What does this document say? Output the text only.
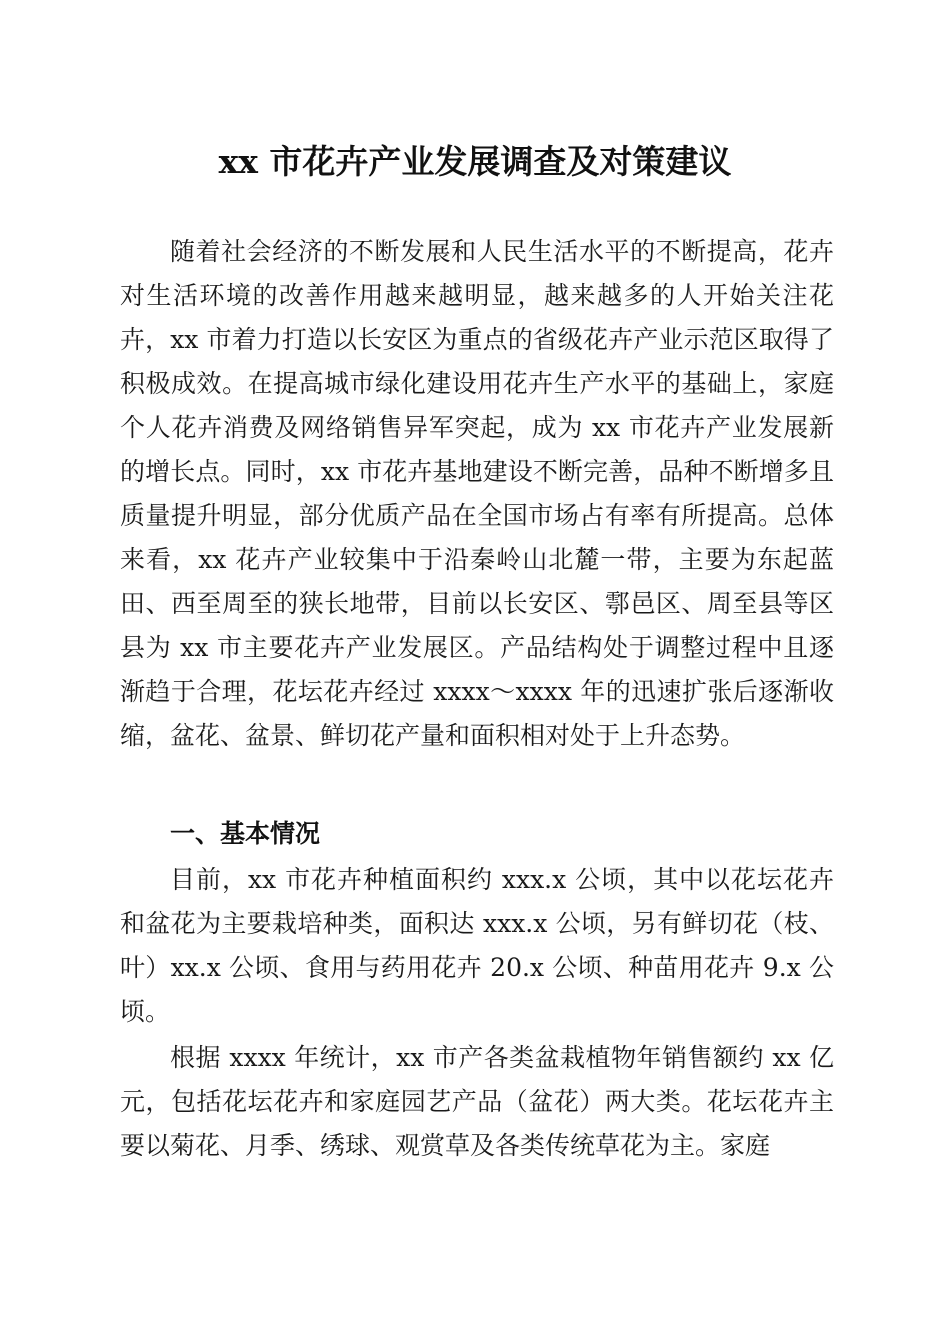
xx 市花卉产业发展调查及对策建议

随着社会经济的不断发展和人民生活水平的不断提高，花卉对生活环境的改善作用越来越明显，越来越多的人开始关注花卉，xx 市着力打造以长安区为重点的省级花卉产业示范区取得了积极成效。在提高城市绿化建设用花卉生产水平的基础上，家庭个人花卉消费及网络销售异军突起，成为 xx 市花卉产业发展新的增长点。同时，xx 市花卉基地建设不断完善，品种不断增多且质量提升明显，部分优质产品在全国市场占有率有所提高。总体来看，xx 花卉产业较集中于沿秦岭山北麓一带，主要为东起蓝田、西至周至的狭长地带，目前以长安区、鄠邑区、周至县等区县为 xx 市主要花卉产业发展区。产品结构处于调整过程中且逐渐趋于合理，花坛花卉经过 xxxx～xxxx 年的迅速扩张后逐渐收缩，盆花、盆景、鲜切花产量和面积相对处于上升态势。

一、基本情况

目前，xx 市花卉种植面积约 xxx.x 公顷，其中以花坛花卉和盆花为主要栽培种类，面积达 xxx.x 公顷，另有鲜切花（枝、叶）xx.x 公顷、食用与药用花卉 20.x 公顷、种苗用花卉 9.x 公顷。

根据 xxxx 年统计，xx 市产各类盆栽植物年销售额约 xx 亿元，包括花坛花卉和家庭园艺产品（盆花）两大类。花坛花卉主要以菊花、月季、绣球、观赏草及各类传统草花为主。家庭
